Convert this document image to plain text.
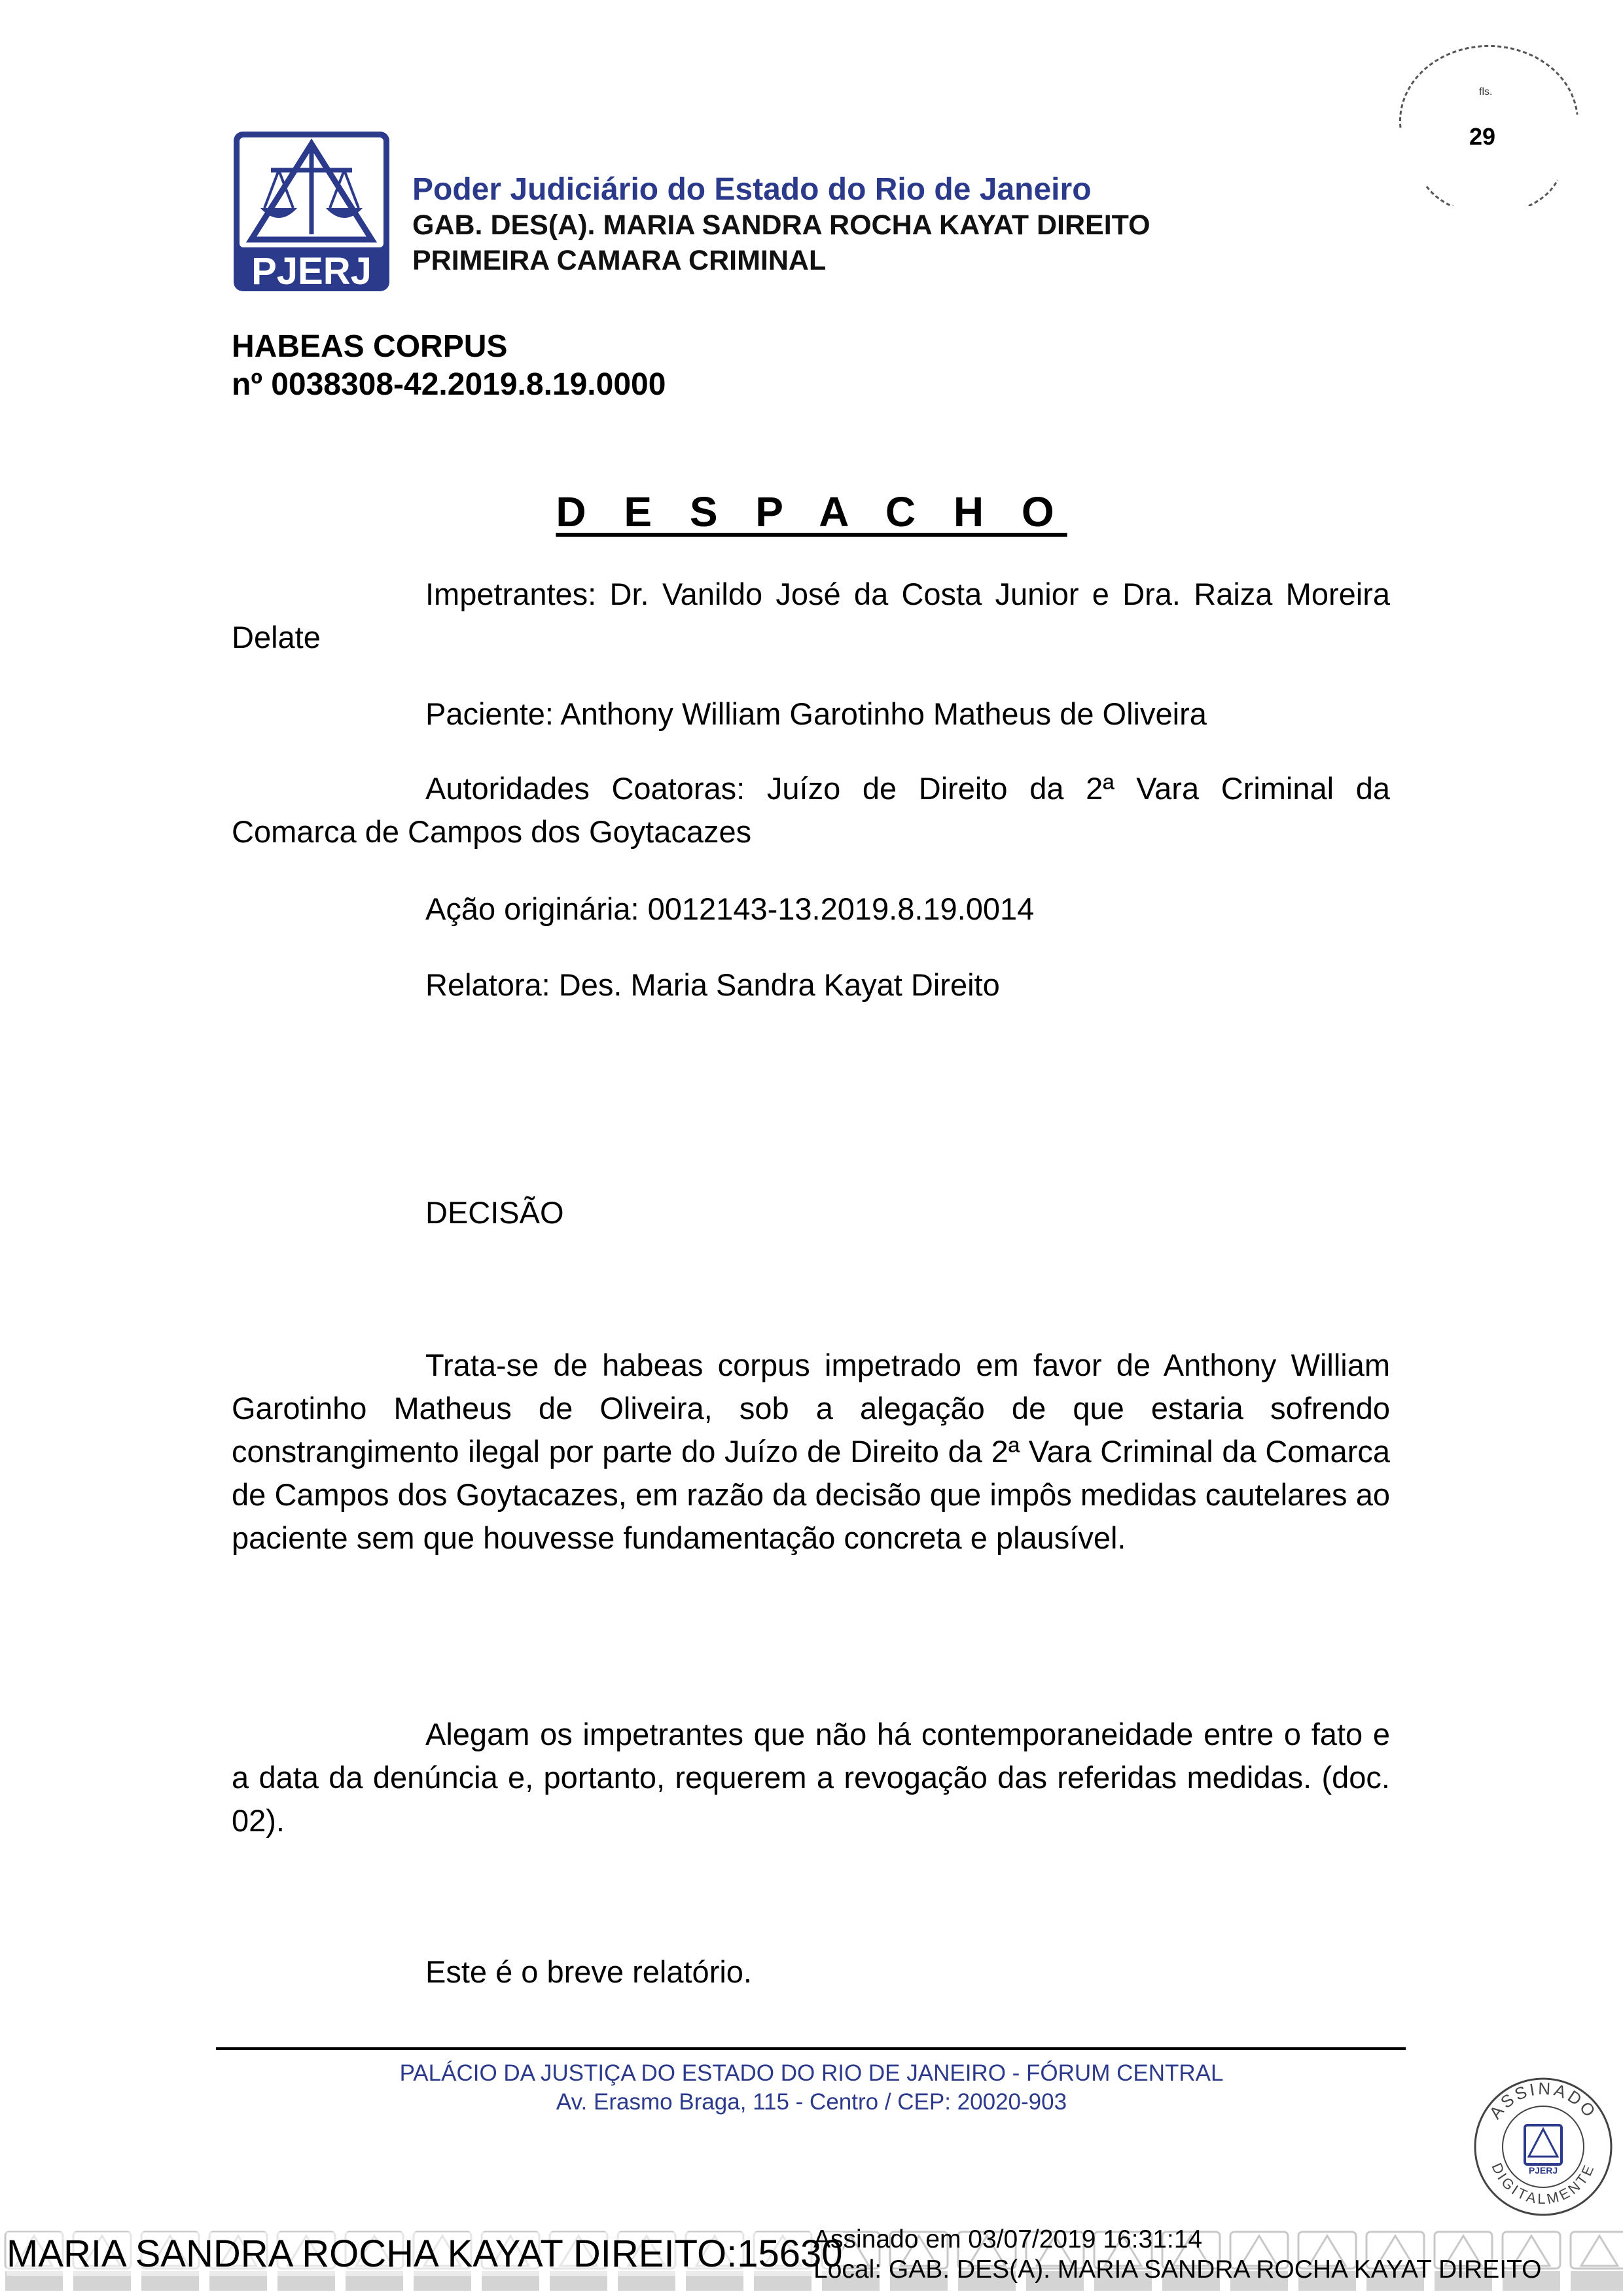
PJERJ
Poder Judiciário do Estado do Rio de Janeiro
GAB. DES(A). MARIA SANDRA ROCHA KAYAT DIREITO
PRIMEIRA CAMARA CRIMINAL
fls.
29
HABEAS CORPUS
nº 0038308-42.2019.8.19.0000
D E S P A C H O

Impetrantes: Dr. Vanildo José da Costa Junior e Dra. Raiza Moreira Delate

Paciente: Anthony William Garotinho Matheus de Oliveira

Autoridades Coatoras: Juízo de Direito da 2ª Vara Criminal da Comarca de Campos dos Goytacazes

Ação originária: 0012143-13.2019.8.19.0014

Relatora: Des. Maria Sandra Kayat Direito

DECISÃO

Trata-se de habeas corpus impetrado em favor de Anthony William Garotinho Matheus de Oliveira, sob a alegação de que estaria sofrendo constrangimento ilegal por parte do Juízo de Direito da 2ª Vara Criminal da Comarca de Campos dos Goytacazes, em razão da decisão que impôs medidas cautelares ao paciente sem que houvesse fundamentação concreta e plausível.

Alegam os impetrantes que não há contemporaneidade entre o fato e a data da denúncia e, portanto, requerem a revogação das referidas medidas. (doc. 02).

Este é o breve relatório.

PALÁCIO DA JUSTIÇA DO ESTADO DO RIO DE JANEIRO - FÓRUM CENTRAL
Av. Erasmo Braga, 115 - Centro / CEP: 20020-903	ASSINADO
DIGITALMENTE
PJERJ
MARIA SANDRA ROCHA KAYAT DIREITO:15630
Assinado em 03/07/2019 16:31:14
Local: GAB. DES(A). MARIA SANDRA ROCHA KAYAT DIREITO
